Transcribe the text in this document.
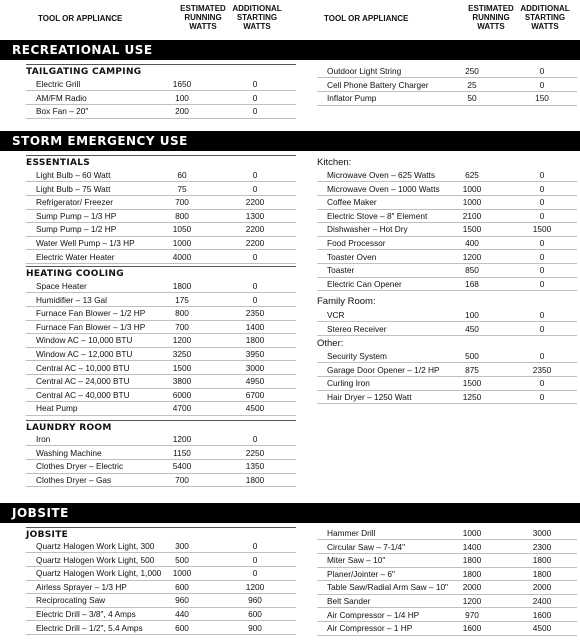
TOOL OR APPLIANCE
ESTIMATED RUNNING WATTS
ADDITIONAL STARTING WATTS
TOOL OR APPLIANCE
ESTIMATED RUNNING WATTS
ADDITIONAL STARTING WATTS
RECREATIONAL USE
STORM EMERGENCY USE
JOBSITE
TAILGATING CAMPING
ESSENTIALS
HEATING COOLING
LAUNDRY ROOM
JOBSITE
Kitchen:
Family Room:
Other:
Electric Grill	1650	0
AM/FM Radio	100	0
Box Fan – 20"	200	0
Outdoor Light String	250	0
Cell Phone Battery Charger	25	0
Inflator Pump	50	150
Light Bulb – 60 Watt	60	0
Light Bulb – 75 Watt	75	0
Refrigerator/ Freezer	700	2200
Sump Pump – 1/3 HP	800	1300
Sump Pump – 1/2 HP	1050	2200
Water Well Pump – 1/3 HP	1000	2200
Electric Water Heater	4000	0
Space Heater	1800	0
Humidifier – 13 Gal	175	0
Furnace Fan Blower – 1/2 HP	800	2350
Furnace Fan Blower – 1/3 HP	700	1400
Window AC – 10,000 BTU	1200	1800
Window AC – 12,000 BTU	3250	3950
Central AC – 10,000 BTU	1500	3000
Central AC – 24,000 BTU	3800	4950
Central AC – 40,000 BTU	6000	6700
Heat Pump	4700	4500
Iron	1200	0
Washing Machine	1150	2250
Clothes Dryer – Electric	5400	1350
Clothes Dryer – Gas	700	1800
Microwave Oven – 625 Watts	625	0
Microwave Oven – 1000 Watts	1000	0
Coffee Maker	1000	0
Electric Stove – 8" Element	2100	0
Dishwasher – Hot Dry	1500	1500
Food Processor	400	0
Toaster Oven	1200	0
Toaster	850	0
Electric Can Opener	168	0
VCR	100	0
Stereo Receiver	450	0
Security System	500	0
Garage Door Opener – 1/2 HP	875	2350
Curling Iron	1500	0
Hair Dryer – 1250 Watt	1250	0
Quartz Halogen Work Light, 300	300	0
Quartz Halogen Work Light, 500	500	0
Quartz Halogen Work Light, 1,000	1000	0
Airless Sprayer – 1/3 HP	600	1200
Reciprocating Saw	960	960
Electric Drill – 3/8", 4 Amps	440	600
Electric Drill – 1/2", 5.4 Amps	600	900
Hammer Drill	1000	3000
Circular Saw – 7-1/4"	1400	2300
Miter Saw – 10"	1800	1800
Planer/Jointer – 6"	1800	1800
Table Saw/Radial Arm Saw – 10"	2000	2000
Belt Sander	1200	2400
Air Compressor – 1/4 HP	970	1600
Air Compressor – 1 HP	1600	4500
